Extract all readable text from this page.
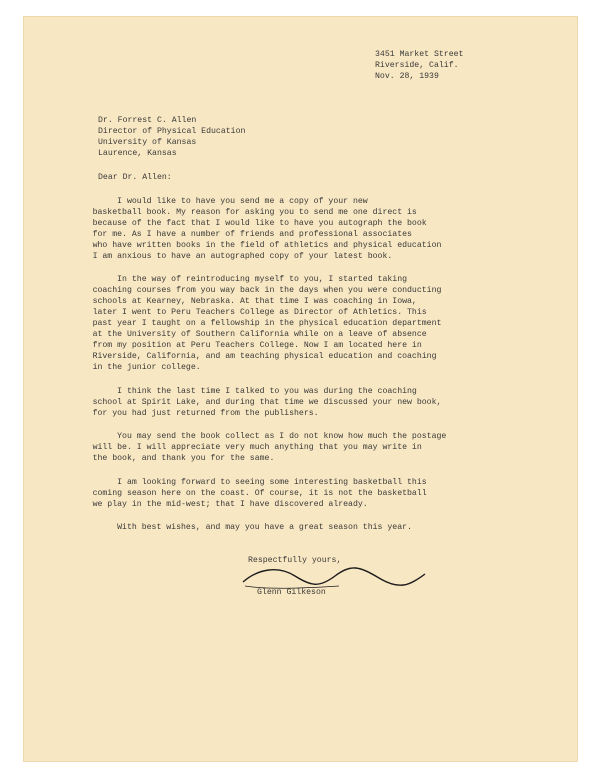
3451 Market Street
Riverside, Calif.
Nov. 28, 1939
Dr. Forrest C. Allen
Director of Physical Education
University of Kansas
Laurence, Kansas
Dear Dr. Allen:
I would like to have you send me a copy of your new
basketball book. My reason for asking you to send me one direct is
because of the fact that I would like to have you autograph the book
for me. As I have a number of friends and professional associates
who have written books in the field of athletics and physical education
I am anxious to have an autographed copy of your latest book.
In the way of reintroducing myself to you, I started taking
coaching courses from you way back in the days when you were conducting
schools at Kearney, Nebraska. At that time I was coaching in Iowa,
later I went to Peru Teachers College as Director of Athletics. This
past year I taught on a fellowship in the physical education department
at the University of Southern California while on a leave of absence
from my position at Peru Teachers College. Now I am located here in
Riverside, California, and am teaching physical education and coaching
in the junior college.
I think the last time I talked to you was during the coaching
school at Spirit Lake, and during that time we discussed your new book,
for you had just returned from the publishers.
You may send the book collect as I do not know how much the postage
will be. I will appreciate very much anything that you may write in
the book, and thank you for the same.
I am looking forward to seeing some interesting basketball this
coming season here on the coast. Of course, it is not the basketball
we play in the mid-west; that I have discovered already.
With best wishes, and may you have a great season this year.
Respectfully yours,

Glenn Gilkeson
